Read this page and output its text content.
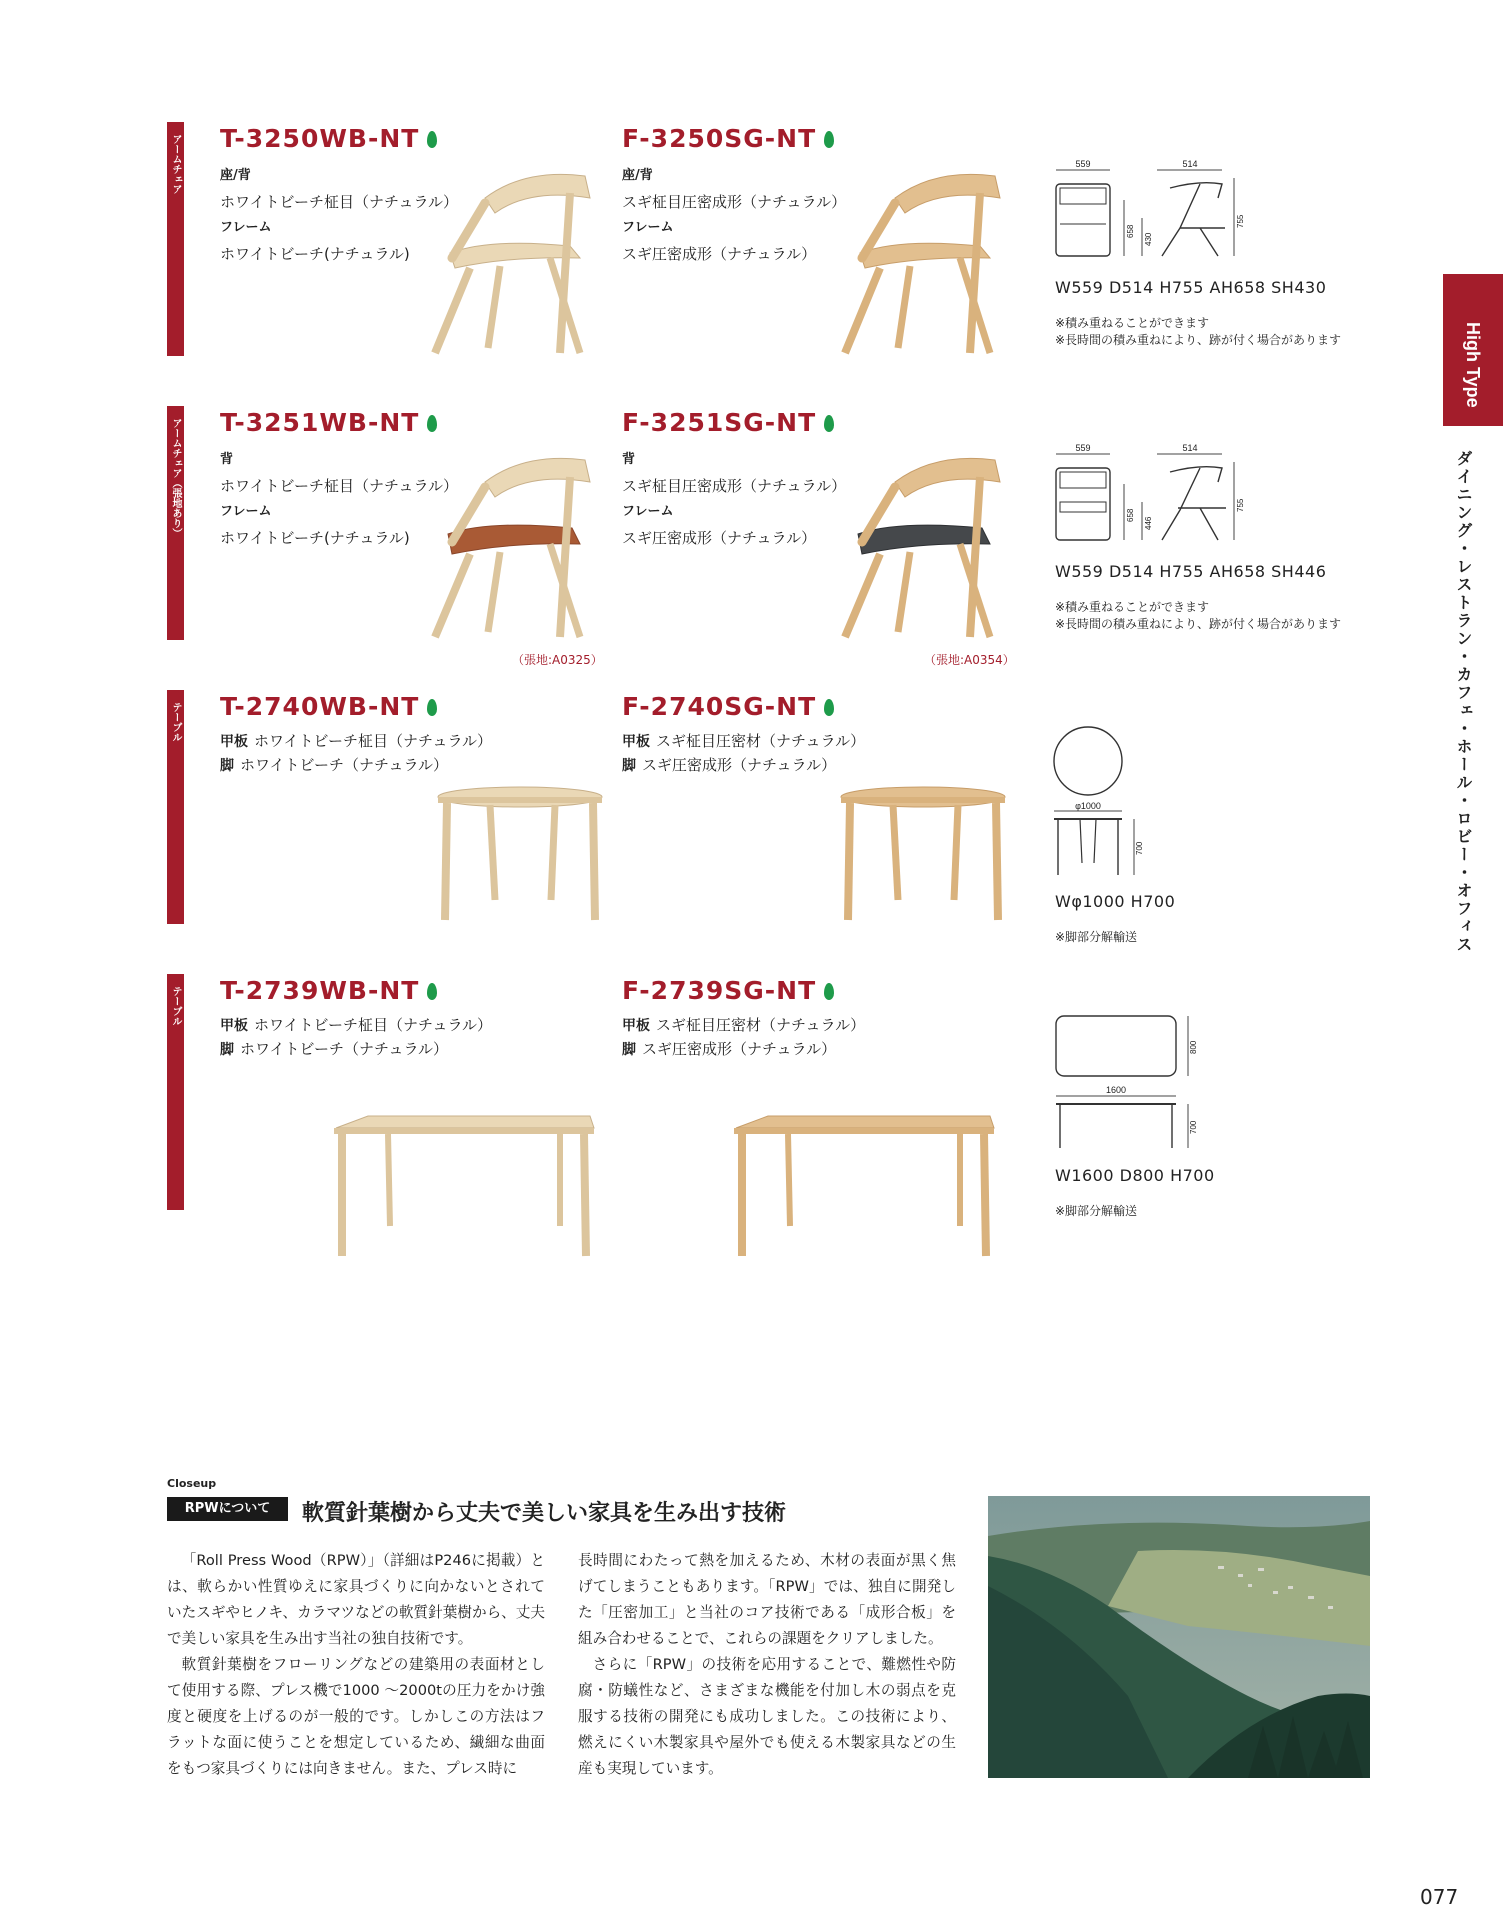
アームチェア
アームチェア（張地あり）
テーブル
テーブル
T-3250WB-NT
座/背
ホワイトビーチ柾目（ナチュラル）
フレーム
ホワイトビーチ(ナチュラル)
F-3250SG-NT
座/背
スギ柾目圧密成形（ナチュラル）
フレーム
スギ圧密成形（ナチュラル）
559	514
658
430
755
W559 D514 H755 AH658 SH430
※積み重ねることができます
※長時間の積み重ねにより、跡が付く場合があります
T-3251WB-NT
背
ホワイトビーチ柾目（ナチュラル）
フレーム
ホワイトビーチ(ナチュラル)
（張地:A0325）
F-3251SG-NT
背
スギ柾目圧密成形（ナチュラル）
フレーム
スギ圧密成形（ナチュラル）
（張地:A0354）
559	514
658
446
755
W559 D514 H755 AH658 SH446
※積み重ねることができます
※長時間の積み重ねにより、跡が付く場合があります
T-2740WB-NT
甲板 ホワイトビーチ柾目（ナチュラル）
脚 ホワイトビーチ（ナチュラル）
F-2740SG-NT
甲板 スギ柾目圧密材（ナチュラル）
脚 スギ圧密成形（ナチュラル）
φ1000
700
Wφ1000 H700
※脚部分解輸送
T-2739WB-NT
甲板 ホワイトビーチ柾目（ナチュラル）
脚 ホワイトビーチ（ナチュラル）
F-2739SG-NT
甲板 スギ柾目圧密材（ナチュラル）
脚 スギ圧密成形（ナチュラル）	800
1600
700
W1600 D800 H700
※脚部分解輸送
High Type
ダイニング・レストラン・カフェ・ホール・ロビー・オフィス
Closeup
RPWについて	軟質針葉樹から丈夫で美しい家具を生み出す技術

「Roll Press Wood（RPW）」（詳細はP246に掲載）とは、軟らかい性質ゆえに家具づくりに向かないとされていたスギやヒノキ、カラマツなどの軟質針葉樹から、丈夫で美しい家具を生み出す当社の独自技術です。

軟質針葉樹をフローリングなどの建築用の表面材として使用する際、プレス機で1000 〜2000tの圧力をかけ強度と硬度を上げるのが一般的です。しかしこの方法はフラットな面に使うことを想定しているため、繊細な曲面をもつ家具づくりには向きません。また、プレス時に

長時間にわたって熱を加えるため、木材の表面が黒く焦げてしまうこともあります。「RPW」では、独自に開発した「圧密加工」と当社のコア技術である「成形合板」を組み合わせることで、これらの課題をクリアしました。

さらに「RPW」の技術を応用することで、難燃性や防腐・防蟻性など、さまざまな機能を付加し木の弱点を克服する技術の開発にも成功しました。この技術により、燃えにくい木製家具や屋外でも使える木製家具などの生産も実現しています。

077
